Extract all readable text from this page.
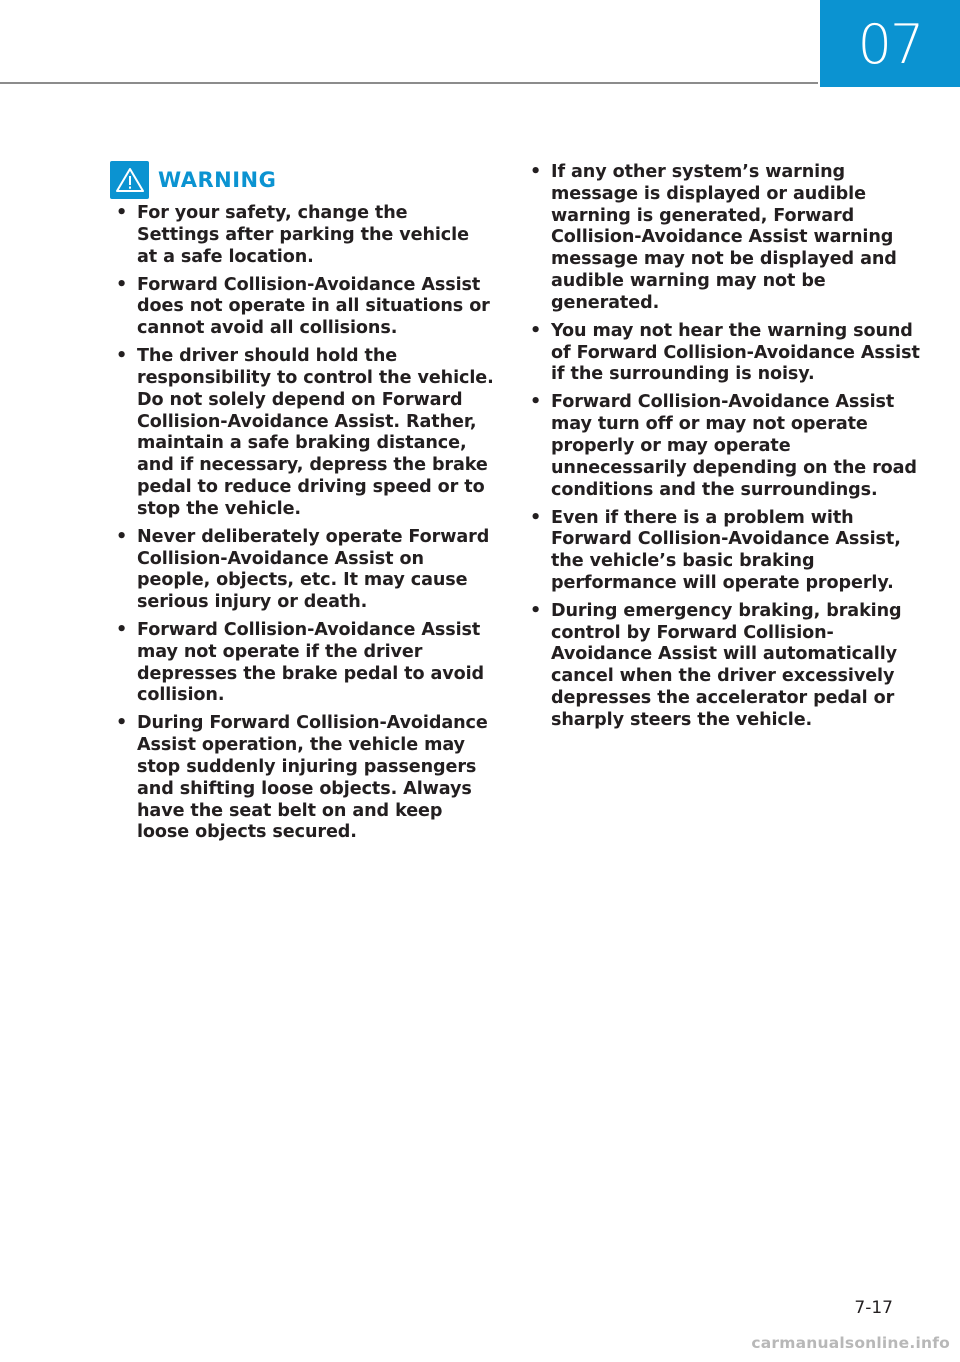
07
WARNING
• For your safety, change the Settings after parking the vehicle at a safe location.
• Forward Collision-Avoidance Assist does not operate in all situations or cannot avoid all collisions.
• The driver should hold the responsibility to control the vehicle. Do not solely depend on Forward Collision-Avoidance Assist. Rather, maintain a safe braking distance, and if necessary, depress the brake pedal to reduce driving speed or to stop the vehicle.
• Never deliberately operate Forward Collision-Avoidance Assist on people, objects, etc. It may cause serious injury or death.
• Forward Collision-Avoidance Assist may not operate if the driver depresses the brake pedal to avoid collision.
• During Forward Collision-Avoidance Assist operation, the vehicle may stop suddenly injuring passengers and shifting loose objects. Always have the seat belt on and keep loose objects secured.
• If any other system’s warning message is displayed or audible warning is generated, Forward Collision-Avoidance Assist warning message may not be displayed and audible warning may not be generated.
• You may not hear the warning sound of Forward Collision-Avoidance Assist if the surrounding is noisy.
• Forward Collision-Avoidance Assist may turn off or may not operate properly or may operate unnecessarily depending on the road conditions and the surroundings.
• Even if there is a problem with Forward Collision-Avoidance Assist, the vehicle’s basic braking performance will operate properly.
• During emergency braking, braking control by Forward Collision-Avoidance Assist will automatically cancel when the driver excessively depresses the accelerator pedal or sharply steers the vehicle.
7-17
carmanualsonline.info
